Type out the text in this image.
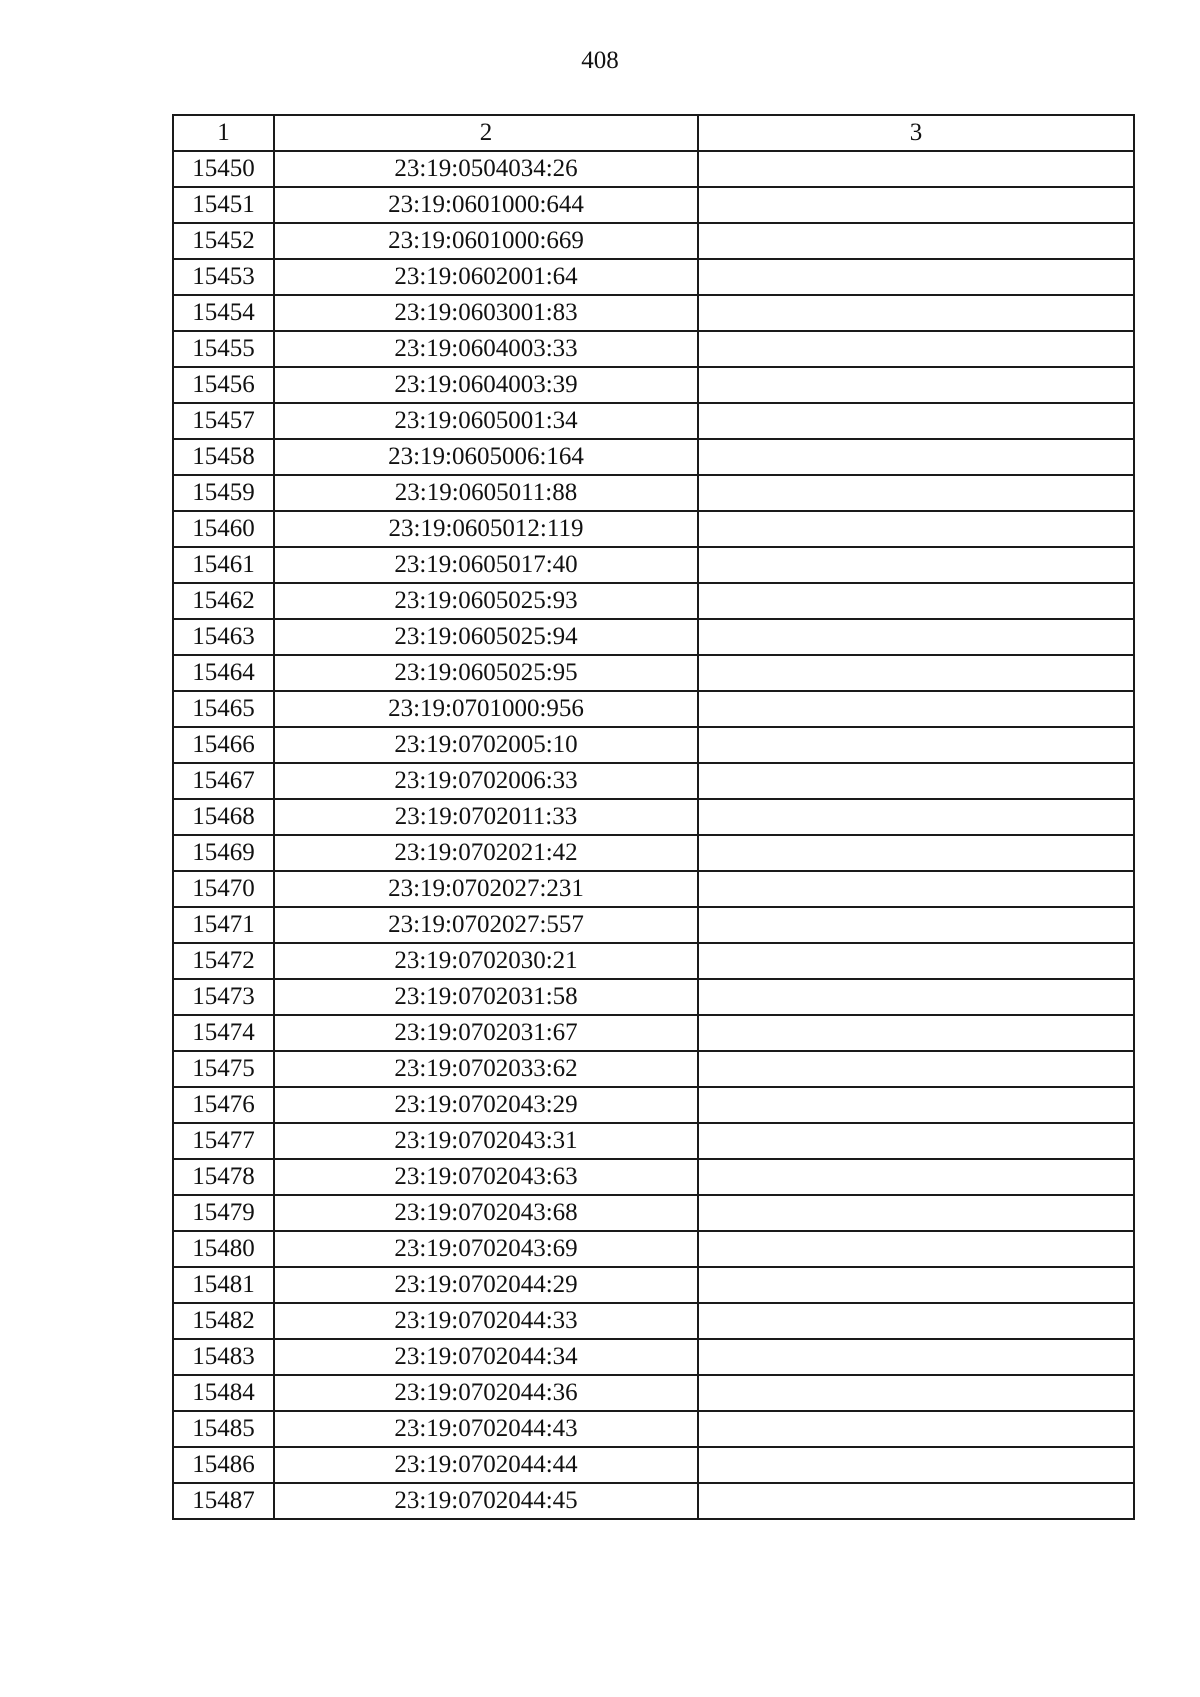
408
1	2	3
15450	23:19:0504034:26	
15451	23:19:0601000:644	
15452	23:19:0601000:669	
15453	23:19:0602001:64	
15454	23:19:0603001:83	
15455	23:19:0604003:33	
15456	23:19:0604003:39	
15457	23:19:0605001:34	
15458	23:19:0605006:164	
15459	23:19:0605011:88	
15460	23:19:0605012:119	
15461	23:19:0605017:40	
15462	23:19:0605025:93	
15463	23:19:0605025:94	
15464	23:19:0605025:95	
15465	23:19:0701000:956	
15466	23:19:0702005:10	
15467	23:19:0702006:33	
15468	23:19:0702011:33	
15469	23:19:0702021:42	
15470	23:19:0702027:231	
15471	23:19:0702027:557	
15472	23:19:0702030:21	
15473	23:19:0702031:58	
15474	23:19:0702031:67	
15475	23:19:0702033:62	
15476	23:19:0702043:29	
15477	23:19:0702043:31	
15478	23:19:0702043:63	
15479	23:19:0702043:68	
15480	23:19:0702043:69	
15481	23:19:0702044:29	
15482	23:19:0702044:33	
15483	23:19:0702044:34	
15484	23:19:0702044:36	
15485	23:19:0702044:43	
15486	23:19:0702044:44	
15487	23:19:0702044:45	
